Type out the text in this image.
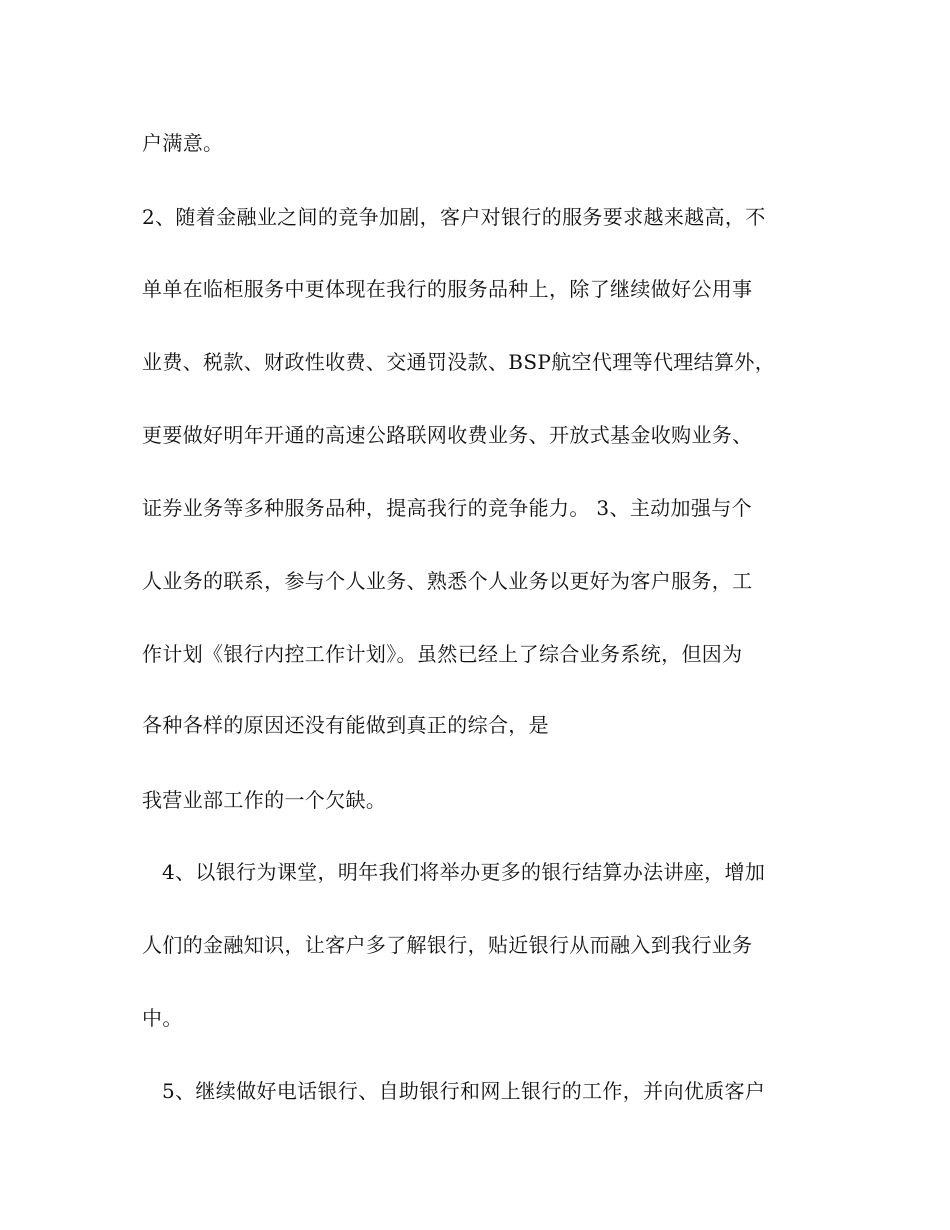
户满意。
2、随着金融业之间的竞争加剧，客户对银行的服务要求越来越高，不
单单在临柜服务中更体现在我行的服务品种上，除了继续做好公用事
业费、税款、财政性收费、交通罚没款、BSP航空代理等代理结算外，
更要做好明年开通的高速公路联网收费业务、开放式基金收购业务、
证券业务等多种服务品种，提高我行的竞争能力。 3、主动加强与个
人业务的联系，参与个人业务、熟悉个人业务以更好为客户服务，工
作计划《银行内控工作计划》。虽然已经上了综合业务系统，但因为
各种各样的原因还没有能做到真正的综合，是
我营业部工作的一个欠缺。
4、以银行为课堂，明年我们将举办更多的银行结算办法讲座，增加
人们的金融知识，让客户多了解银行，贴近银行从而融入到我行业务
中。
5、继续做好电话银行、自助银行和网上银行的工作，并向优质客户
